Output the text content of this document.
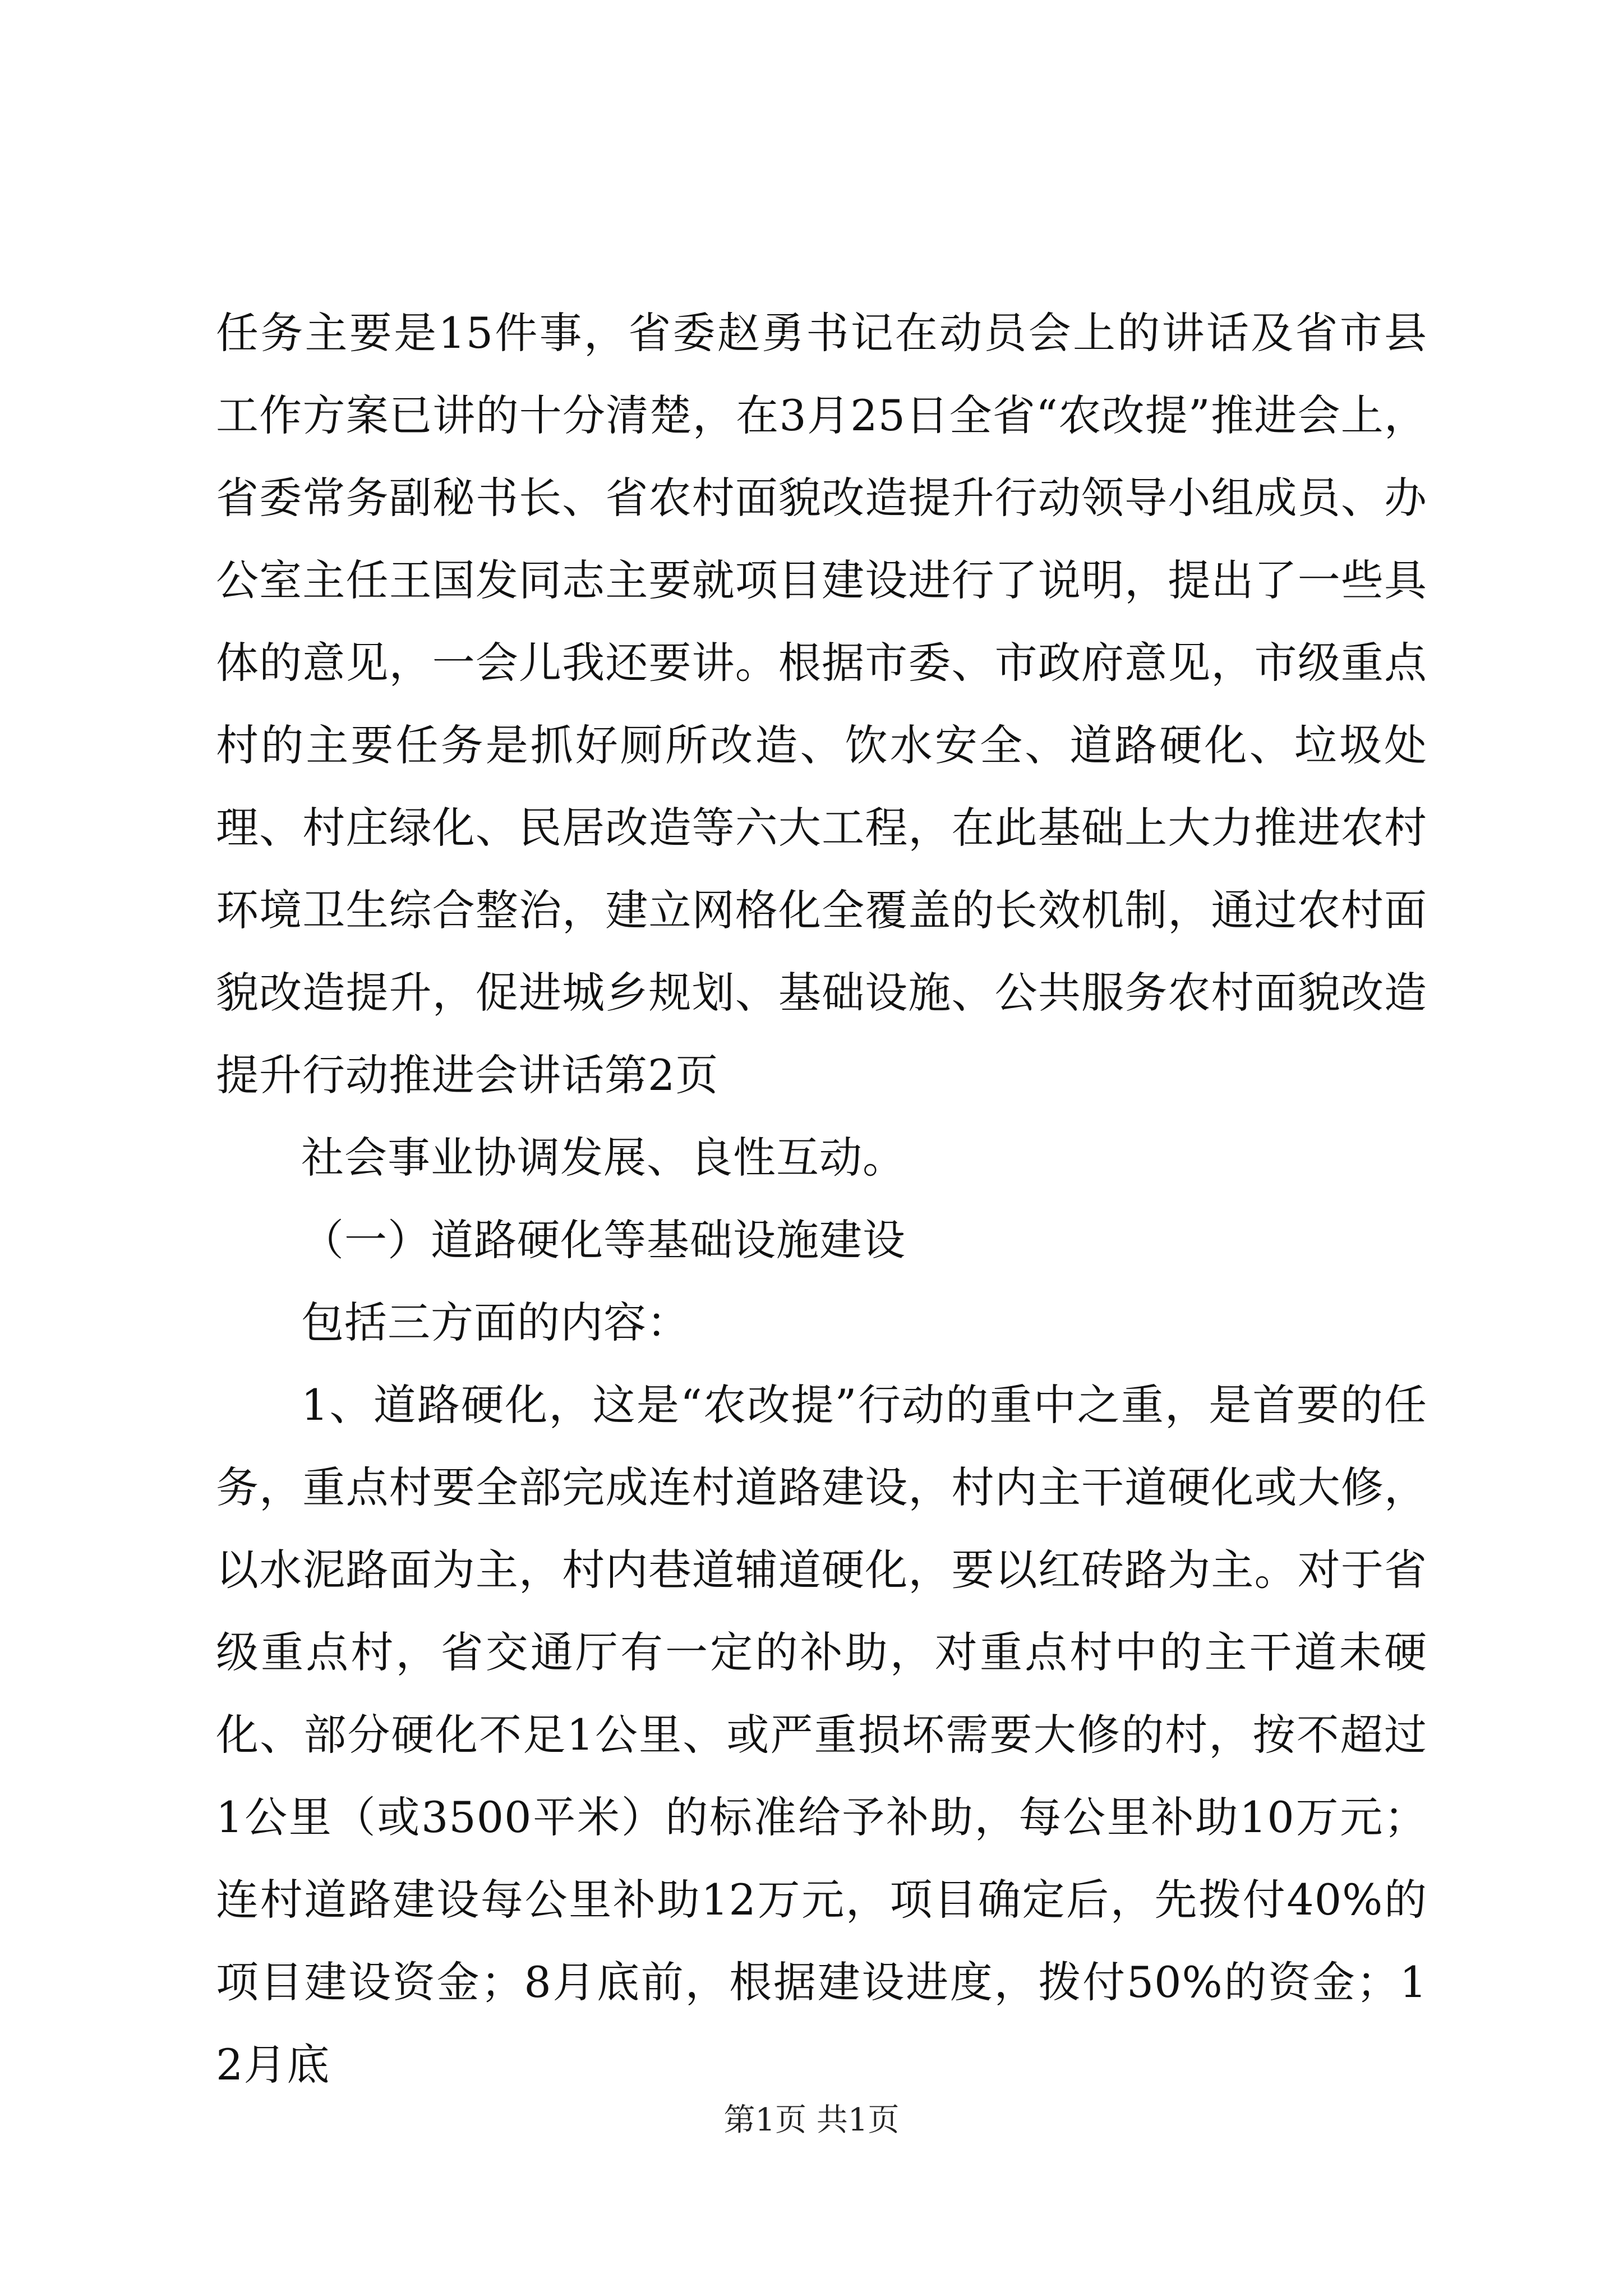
任务主要是15件事，省委赵勇书记在动员会上的讲话及省市县工作方案已讲的十分清楚，在3月25日全省“农改提”推进会上，省委常务副秘书长、省农村面貌改造提升行动领导小组成员、办公室主任王国发同志主要就项目建设进行了说明，提出了一些具体的意见，一会儿我还要讲。根据市委、市政府意见，市级重点村的主要任务是抓好厕所改造、饮水安全、道路硬化、垃圾处理、村庄绿化、民居改造等六大工程，在此基础上大力推进农村环境卫生综合整治，建立网格化全覆盖的长效机制，通过农村面貌改造提升，促进城乡规划、基础设施、公共服务农村面貌改造提升行动推进会讲话第2页

社会事业协调发展、良性互动。

（一）道路硬化等基础设施建设

包括三方面的内容：

1、道路硬化，这是“农改提”行动的重中之重，是首要的任务，重点村要全部完成连村道路建设，村内主干道硬化或大修，以水泥路面为主，村内巷道辅道硬化，要以红砖路为主。对于省级重点村，省交通厅有一定的补助，对重点村中的主干道未硬化、部分硬化不足1公里、或严重损坏需要大修的村，按不超过1公里（或3500平米）的标准给予补助，每公里补助10万元；连村道路建设每公里补助12万元，项目确定后，先拨付40%的项目建设资金；8月底前，根据建设进度，拨付50%的资金；12月底

第1页 共1页
